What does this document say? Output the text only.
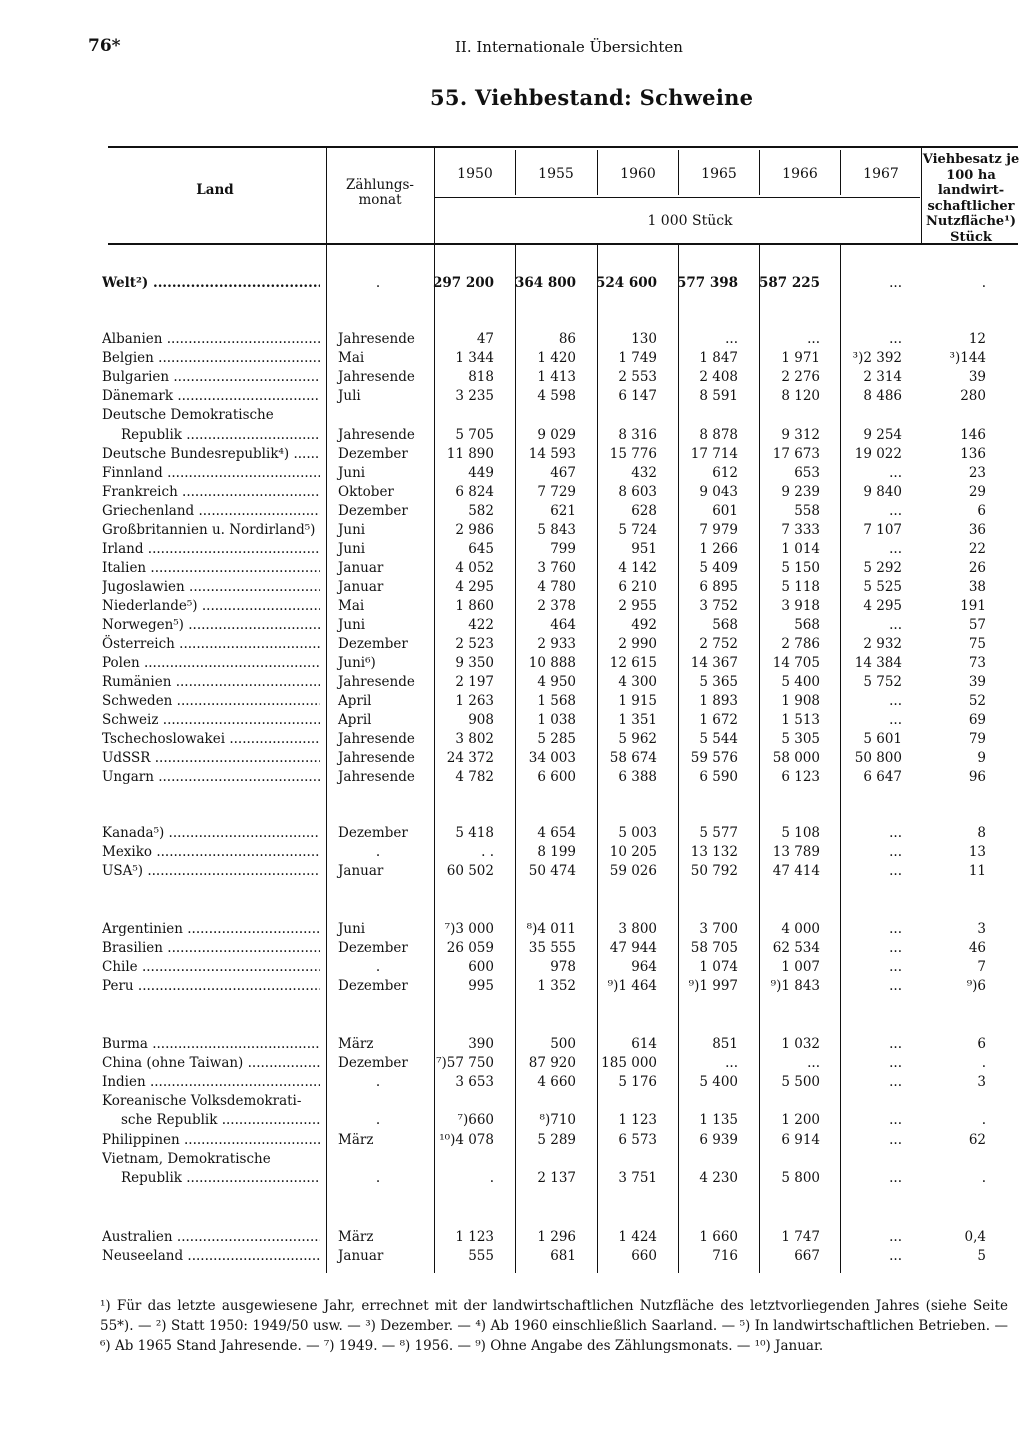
76*	II. Internationale Übersichten
55. Viehbestand: Schweine
Land	Zählungs-monat
1950	1955	1960	1965	1966	1967
1 000 Stück
Viehbesatz je 100 ha landwirt-schaftlicher Nutzfläche¹) Stück
Welt²) .....	.	297 200	364 800	524 600	577 398	587 225	...	.
Albanien .....	Jahresende	47	86	130	...	...	...	12
Belgien .....	Mai	1 344	1 420	1 749	1 847	1 971	³)2 392	³)144
Bulgarien .....	Jahresende	818	1 413	2 553	2 408	2 276	2 314	39
Dänemark .....	Juli	3 235	4 598	6 147	8 591	8 120	8 486	280
Deutsche Demokratische
Republik .....	Jahresende	5 705	9 029	8 316	8 878	9 312	9 254	146
Deutsche Bundesrepublik⁴) .....	Dezember	11 890	14 593	15 776	17 714	17 673	19 022	136
Finnland .....	Juni	449	467	432	612	653	...	23
Frankreich .....	Oktober	6 824	7 729	8 603	9 043	9 239	9 840	29
Griechenland .....	Dezember	582	621	628	601	558	...	6
Großbritannien u. Nordirland⁵) .....	Juni	2 986	5 843	5 724	7 979	7 333	7 107	36
Irland .....	Juni	645	799	951	1 266	1 014	...	22
Italien .....	Januar	4 052	3 760	4 142	5 409	5 150	5 292	26
Jugoslawien .....	Januar	4 295	4 780	6 210	6 895	5 118	5 525	38
Niederlande⁵) .....	Mai	1 860	2 378	2 955	3 752	3 918	4 295	191
Norwegen⁵) .....	Juni	422	464	492	568	568	...	57
Österreich .....	Dezember	2 523	2 933	2 990	2 752	2 786	2 932	75
Polen .....	Juni⁶)	9 350	10 888	12 615	14 367	14 705	14 384	73
Rumänien .....	Jahresende	2 197	4 950	4 300	5 365	5 400	5 752	39
Schweden .....	April	1 263	1 568	1 915	1 893	1 908	...	52
Schweiz .....	April	908	1 038	1 351	1 672	1 513	...	69
Tschechoslowakei .....	Jahresende	3 802	5 285	5 962	5 544	5 305	5 601	79
UdSSR .....	Jahresende	24 372	34 003	58 674	59 576	58 000	50 800	9
Ungarn .....	Jahresende	4 782	6 600	6 388	6 590	6 123	6 647	96
Kanada⁵) .....	Dezember	5 418	4 654	5 003	5 577	5 108	...	8
Mexiko .....	.	. .	8 199	10 205	13 132	13 789	...	13
USA⁵) .....	Januar	60 502	50 474	59 026	50 792	47 414	...	11
Argentinien .....	Juni	⁷)3 000	⁸)4 011	3 800	3 700	4 000	...	3
Brasilien .....	Dezember	26 059	35 555	47 944	58 705	62 534	...	46
Chile .....	.	600	978	964	1 074	1 007	...	7
Peru .....	Dezember	995	1 352	⁹)1 464	⁹)1 997	⁹)1 843	...	⁹)6
Burma .....	März	390	500	614	851	1 032	...	6
China (ohne Taiwan) .....	Dezember	⁷)57 750	87 920	185 000	...	...	...	.
Indien .....	.	3 653	4 660	5 176	5 400	5 500	...	3
Koreanische Volksdemokrati-
sche Republik .....	.	⁷)660	⁸)710	1 123	1 135	1 200	...	.
Philippinen .....	März	¹⁰)4 078	5 289	6 573	6 939	6 914	...	62
Vietnam, Demokratische
Republik .....	.	.	2 137	3 751	4 230	5 800	...	.
Australien .....	März	1 123	1 296	1 424	1 660	1 747	...	0,4
Neuseeland .....	Januar	555	681	660	716	667	...	5

¹) Für das letzte ausgewiesene Jahr, errechnet mit der landwirtschaftlichen Nutzfläche des letztvorliegenden Jahres (siehe Seite 55*). — ²) Statt 1950: 1949/50 usw. — ³) Dezember. — ⁴) Ab 1960 einschließlich Saarland. — ⁵) In landwirtschaftlichen Betrieben. — ⁶) Ab 1965 Stand Jahresende. — ⁷) 1949. — ⁸) 1956. — ⁹) Ohne Angabe des Zählungsmonats. — ¹⁰) Januar.
